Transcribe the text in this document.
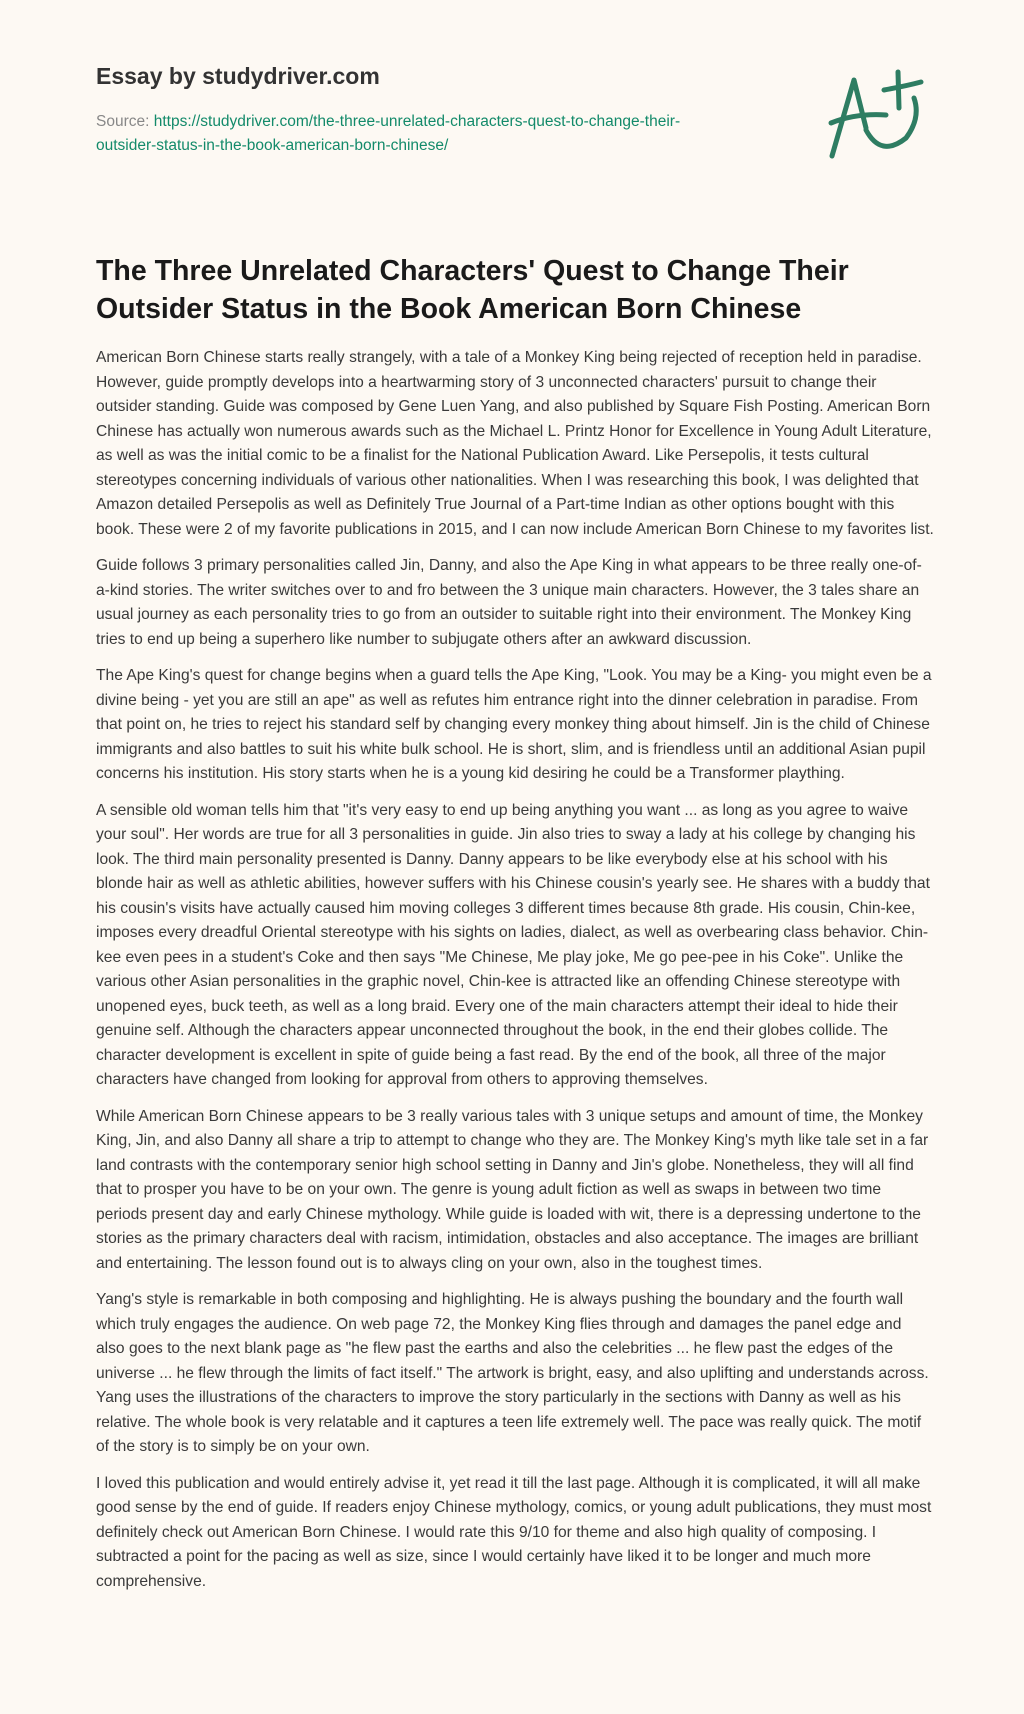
Essay by studydriver.com
Source: https://studydriver.com/the-three-unrelated-characters-quest-to-change-their-outsider-status-in-the-book-american-born-chinese/
The Three Unrelated Characters' Quest to Change Their Outsider Status in the Book American Born Chinese

American Born Chinese starts really strangely, with a tale of a Monkey King being rejected of reception held in paradise. However, guide promptly develops into a heartwarming story of 3 unconnected characters' pursuit to change their outsider standing. Guide was composed by Gene Luen Yang, and also published by Square Fish Posting. American Born Chinese has actually won numerous awards such as the Michael L. Printz Honor for Excellence in Young Adult Literature, as well as was the initial comic to be a finalist for the National Publication Award. Like Persepolis, it tests cultural stereotypes concerning individuals of various other nationalities. When I was researching this book, I was delighted that Amazon detailed Persepolis as well as Definitely True Journal of a Part-time Indian as other options bought with this book. These were 2 of my favorite publications in 2015, and I can now include American Born Chinese to my favorites list.

Guide follows 3 primary personalities called Jin, Danny, and also the Ape King in what appears to be three really one-of-a-kind stories. The writer switches over to and fro between the 3 unique main characters. However, the 3 tales share an usual journey as each personality tries to go from an outsider to suitable right into their environment. The Monkey King tries to end up being a superhero like number to subjugate others after an awkward discussion.

The Ape King's quest for change begins when a guard tells the Ape King, "Look. You may be a King- you might even be a divine being - yet you are still an ape" as well as refutes him entrance right into the dinner celebration in paradise. From that point on, he tries to reject his standard self by changing every monkey thing about himself. Jin is the child of Chinese immigrants and also battles to suit his white bulk school. He is short, slim, and is friendless until an additional Asian pupil concerns his institution. His story starts when he is a young kid desiring he could be a Transformer plaything.

A sensible old woman tells him that "it's very easy to end up being anything you want ... as long as you agree to waive your soul". Her words are true for all 3 personalities in guide. Jin also tries to sway a lady at his college by changing his look. The third main personality presented is Danny. Danny appears to be like everybody else at his school with his blonde hair as well as athletic abilities, however suffers with his Chinese cousin's yearly see. He shares with a buddy that his cousin's visits have actually caused him moving colleges 3 different times because 8th grade. His cousin, Chin-kee, imposes every dreadful Oriental stereotype with his sights on ladies, dialect, as well as overbearing class behavior. Chin-kee even pees in a student's Coke and then says "Me Chinese, Me play joke, Me go pee-pee in his Coke". Unlike the various other Asian personalities in the graphic novel, Chin-kee is attracted like an offending Chinese stereotype with unopened eyes, buck teeth, as well as a long braid. Every one of the main characters attempt their ideal to hide their genuine self. Although the characters appear unconnected throughout the book, in the end their globes collide. The character development is excellent in spite of guide being a fast read. By the end of the book, all three of the major characters have changed from looking for approval from others to approving themselves.

While American Born Chinese appears to be 3 really various tales with 3 unique setups and amount of time, the Monkey King, Jin, and also Danny all share a trip to attempt to change who they are. The Monkey King's myth like tale set in a far land contrasts with the contemporary senior high school setting in Danny and Jin's globe. Nonetheless, they will all find that to prosper you have to be on your own. The genre is young adult fiction as well as swaps in between two time periods present day and early Chinese mythology. While guide is loaded with wit, there is a depressing undertone to the stories as the primary characters deal with racism, intimidation, obstacles and also acceptance. The images are brilliant and entertaining. The lesson found out is to always cling on your own, also in the toughest times.

Yang's style is remarkable in both composing and highlighting. He is always pushing the boundary and the fourth wall which truly engages the audience. On web page 72, the Monkey King flies through and damages the panel edge and also goes to the next blank page as "he flew past the earths and also the celebrities ... he flew past the edges of the universe ... he flew through the limits of fact itself." The artwork is bright, easy, and also uplifting and understands across. Yang uses the illustrations of the characters to improve the story particularly in the sections with Danny as well as his relative. The whole book is very relatable and it captures a teen life extremely well. The pace was really quick. The motif of the story is to simply be on your own.

I loved this publication and would entirely advise it, yet read it till the last page. Although it is complicated, it will all make good sense by the end of guide. If readers enjoy Chinese mythology, comics, or young adult publications, they must most definitely check out American Born Chinese. I would rate this 9/10 for theme and also high quality of composing. I subtracted a point for the pacing as well as size, since I would certainly have liked it to be longer and much more comprehensive.
